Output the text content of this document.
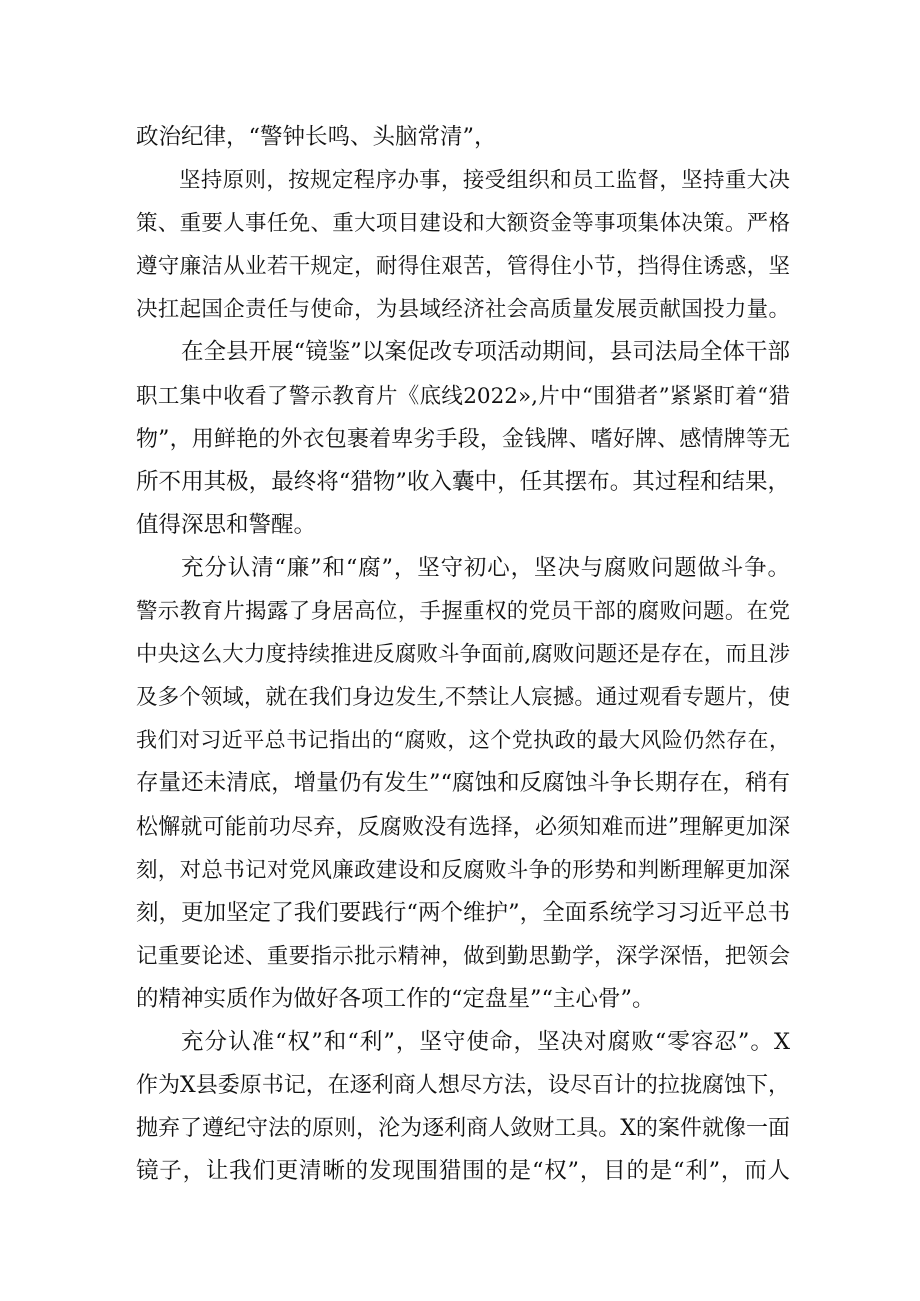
政治纪律，“警钟长鸣、头脑常清”，

坚持原则，按规定程序办事，接受组织和员工监督，坚持重大决
策、重要人事任免、重大项目建设和大额资金等事项集体决策。严格
遵守廉洁从业若干规定，耐得住艰苦，管得住小节，挡得住诱惑，坚
决扛起国企责任与使命，为县域经济社会高质量发展贡献国投力量。

在全县开展“镜鉴”以案促改专项活动期间，县司法局全体干部
职工集中收看了警示教育片《底线2022»,片中“围猎者”紧紧盯着“猎
物”，用鲜艳的外衣包裹着卑劣手段，金钱牌、嗜好牌、感情牌等无
所不用其极，最终将“猎物”收入囊中，任其摆布。其过程和结果，
值得深思和警醒。

充分认清“廉”和“腐”，坚守初心，坚决与腐败问题做斗争。
警示教育片揭露了身居高位，手握重权的党员干部的腐败问题。在党
中央这么大力度持续推进反腐败斗争面前,腐败问题还是存在，而且涉
及多个领域，就在我们身边发生,不禁让人宸撼。通过观看专题片，使
我们对习近平总书记指出的“腐败，这个党执政的最大风险仍然存在，
存量还未清底，增量仍有发生”“腐蚀和反腐蚀斗争长期存在，稍有
松懈就可能前功尽弃，反腐败没有选择，必须知难而进”理解更加深
刻，对总书记对党风廉政建设和反腐败斗争的形势和判断理解更加深
刻，更加坚定了我们要践行“两个维护”，全面系统学习习近平总书
记重要论述、重要指示批示精神，做到勤思勤学，深学深悟，把领会
的精神实质作为做好各项工作的“定盘星”“主心骨”。

充分认准“权”和“利”，坚守使命，坚决对腐败“零容忍”。X
作为X县委原书记，在逐利商人想尽方法，设尽百计的拉拢腐蚀下，
抛弃了遵纪守法的原则，沦为逐利商人敛财工具。X的案件就像一面
镜子，让我们更清晰的发现围猎围的是“权”，目的是“利”，而人
